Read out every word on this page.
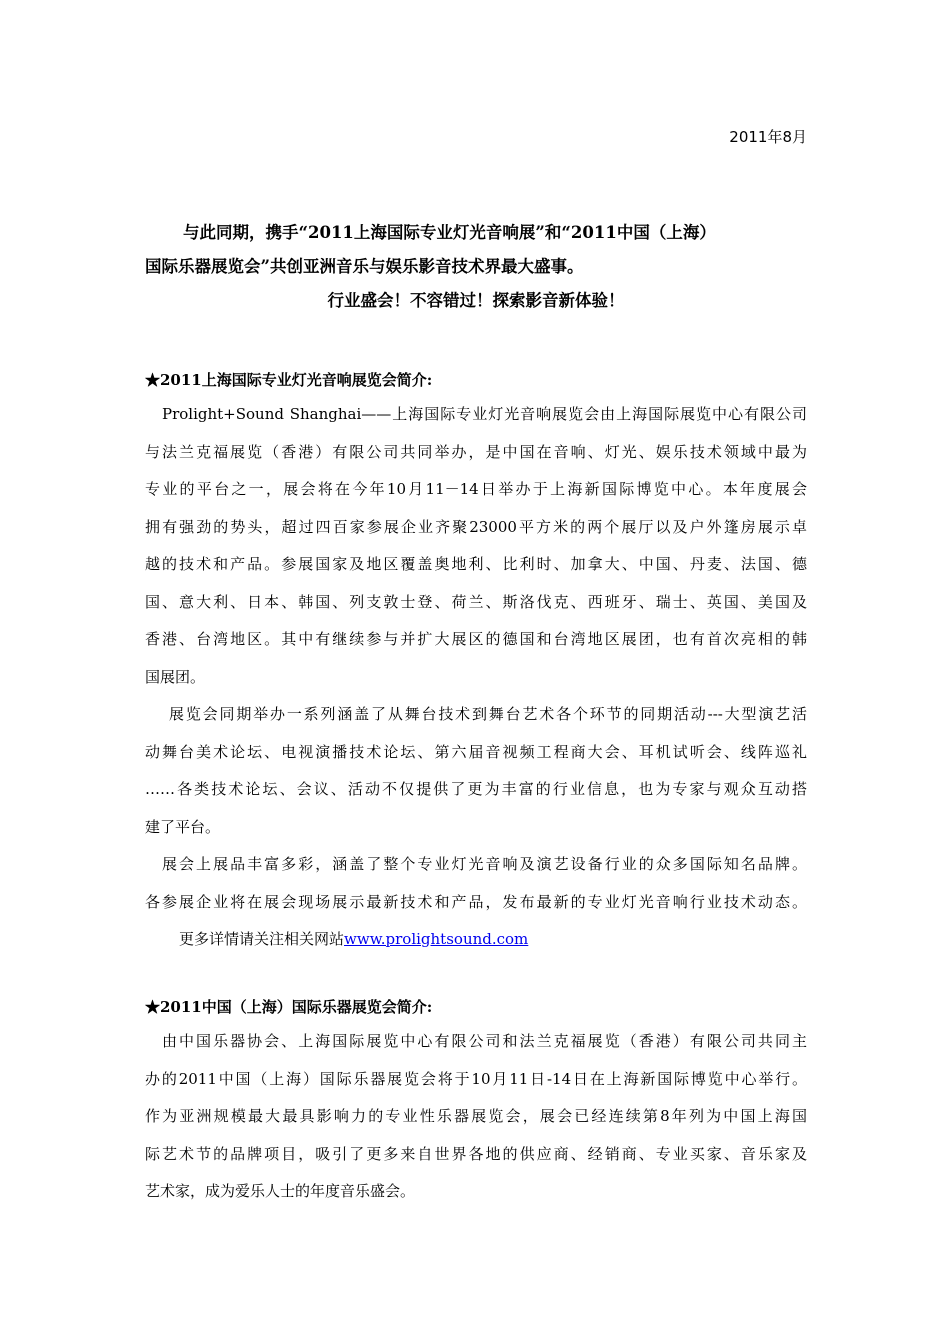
2011年8月
与此同期，携手“2011上海国际专业灯光音响展”和“2011中国（上海）
国际乐器展览会”共创亚洲音乐与娱乐影音技术界最大盛事。
行业盛会！不容错过！探索影音新体验！
★2011上海国际专业灯光音响展览会简介:
Prolight+Sound Shanghai——上海国际专业灯光音响展览会由上海国际展览中心有限公司
与法兰克福展览（香港）有限公司共同举办，是中国在音响、灯光、娱乐技术领域中最为
专业的平台之一，展会将在今年10月11－14日举办于上海新国际博览中心。本年度展会
拥有强劲的势头，超过四百家参展企业齐聚23000平方米的两个展厅以及户外篷房展示卓
越的技术和产品。参展国家及地区覆盖奥地利、比利时、加拿大、中国、丹麦、法国、德
国、意大利、日本、韩国、列支敦士登、荷兰、斯洛伐克、西班牙、瑞士、英国、美国及
香港、台湾地区。其中有继续参与并扩大展区的德国和台湾地区展团，也有首次亮相的韩
国展团。
展览会同期举办一系列涵盖了从舞台技术到舞台艺术各个环节的同期活动---大型演艺活
动舞台美术论坛、电视演播技术论坛、第六届音视频工程商大会、耳机试听会、线阵巡礼
……各类技术论坛、会议、活动不仅提供了更为丰富的行业信息，也为专家与观众互动搭
建了平台。
展会上展品丰富多彩，涵盖了整个专业灯光音响及演艺设备行业的众多国际知名品牌。
各参展企业将在展会现场展示最新技术和产品，发布最新的专业灯光音响行业技术动态。
更多详情请关注相关网站www.prolightsound.com
★2011中国（上海）国际乐器展览会简介:
由中国乐器协会、上海国际展览中心有限公司和法兰克福展览（香港）有限公司共同主
办的2011中国（上海）国际乐器展览会将于10月11日-14日在上海新国际博览中心举行。
作为亚洲规模最大最具影响力的专业性乐器展览会，展会已经连续第8年列为中国上海国
际艺术节的品牌项目，吸引了更多来自世界各地的供应商、经销商、专业买家、音乐家及
艺术家，成为爱乐人士的年度音乐盛会。
